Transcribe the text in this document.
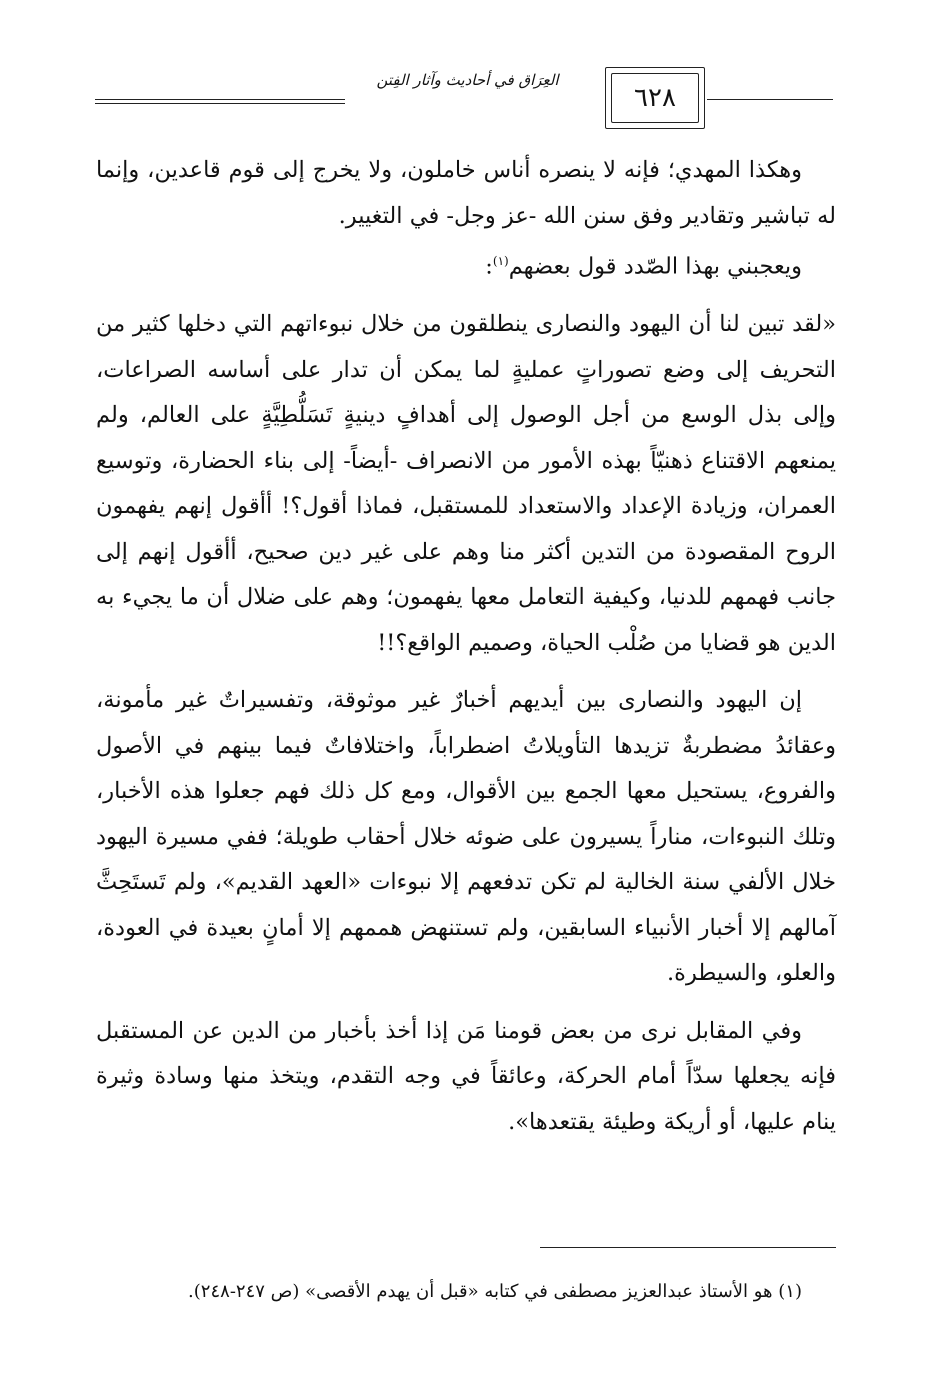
العِرَاق في أحاديث وآثار الفِتن
٦٢٨

وهكذا المهدي؛ فإنه لا ينصره أناس خاملون، ولا يخرج إلى قوم قاعدين، وإنما له تباشير وتقادير وفق سنن الله -عز وجل- في التغيير.

ويعجبني بهذا الصّدد قول بعضهم$^{(١)}$:

«لقد تبين لنا أن اليهود والنصارى ينطلقون من خلال نبوءاتهم التي دخلها كثير من التحريف إلى وضع تصوراتٍ عمليةٍ لما يمكن أن تدار على أساسه الصراعات، وإلى بذل الوسع من أجل الوصول إلى أهدافٍ دينيةٍ تَسَلُّطِيَّةٍ على العالم، ولم يمنعهم الاقتناع ذهنيّاً بهذه الأمور من الانصراف -أيضاً- إلى بناء الحضارة، وتوسيع العمران، وزيادة الإعداد والاستعداد للمستقبل، فماذا أقول؟! أأقول إنهم يفهمون الروح المقصودة من التدين أكثر منا وهم على غير دين صحيح، أأقول إنهم إلى جانب فهمهم للدنيا، وكيفية التعامل معها يفهمون؛ وهم على ضلال أن ما يجيء به الدين هو قضايا من صُلْب الحياة، وصميم الواقع؟!!

إن اليهود والنصارى بين أيديهم أخبارٌ غير موثوقة، وتفسيراتٌ غير مأمونة، وعقائدُ مضطربةٌ تزيدها التأويلاتُ اضطراباً، واختلافاتٌ فيما بينهم في الأصول والفروع، يستحيل معها الجمع بين الأقوال، ومع كل ذلك فهم جعلوا هذه الأخبار، وتلك النبوءات، مناراً يسيرون على ضوئه خلال أحقاب طويلة؛ ففي مسيرة اليهود خلال الألفي سنة الخالية لم تكن تدفعهم إلا نبوءات «العهد القديم»، ولم تَستَحِثَّ آمالهم إلا أخبار الأنبياء السابقين، ولم تستنهض هممهم إلا أمانٍ بعيدة في العودة، والعلو، والسيطرة.

وفي المقابل نرى من بعض قومنا مَن إذا أخذ بأخبار من الدين عن المستقبل فإنه يجعلها سدّاً أمام الحركة، وعائقاً في وجه التقدم، ويتخذ منها وسادة وثيرة ينام عليها، أو أريكة وطيئة يقتعدها».

(١) هو الأستاذ عبدالعزيز مصطفى في كتابه «قبل أن يهدم الأقصى» (ص ٢٤٧-٢٤٨).
